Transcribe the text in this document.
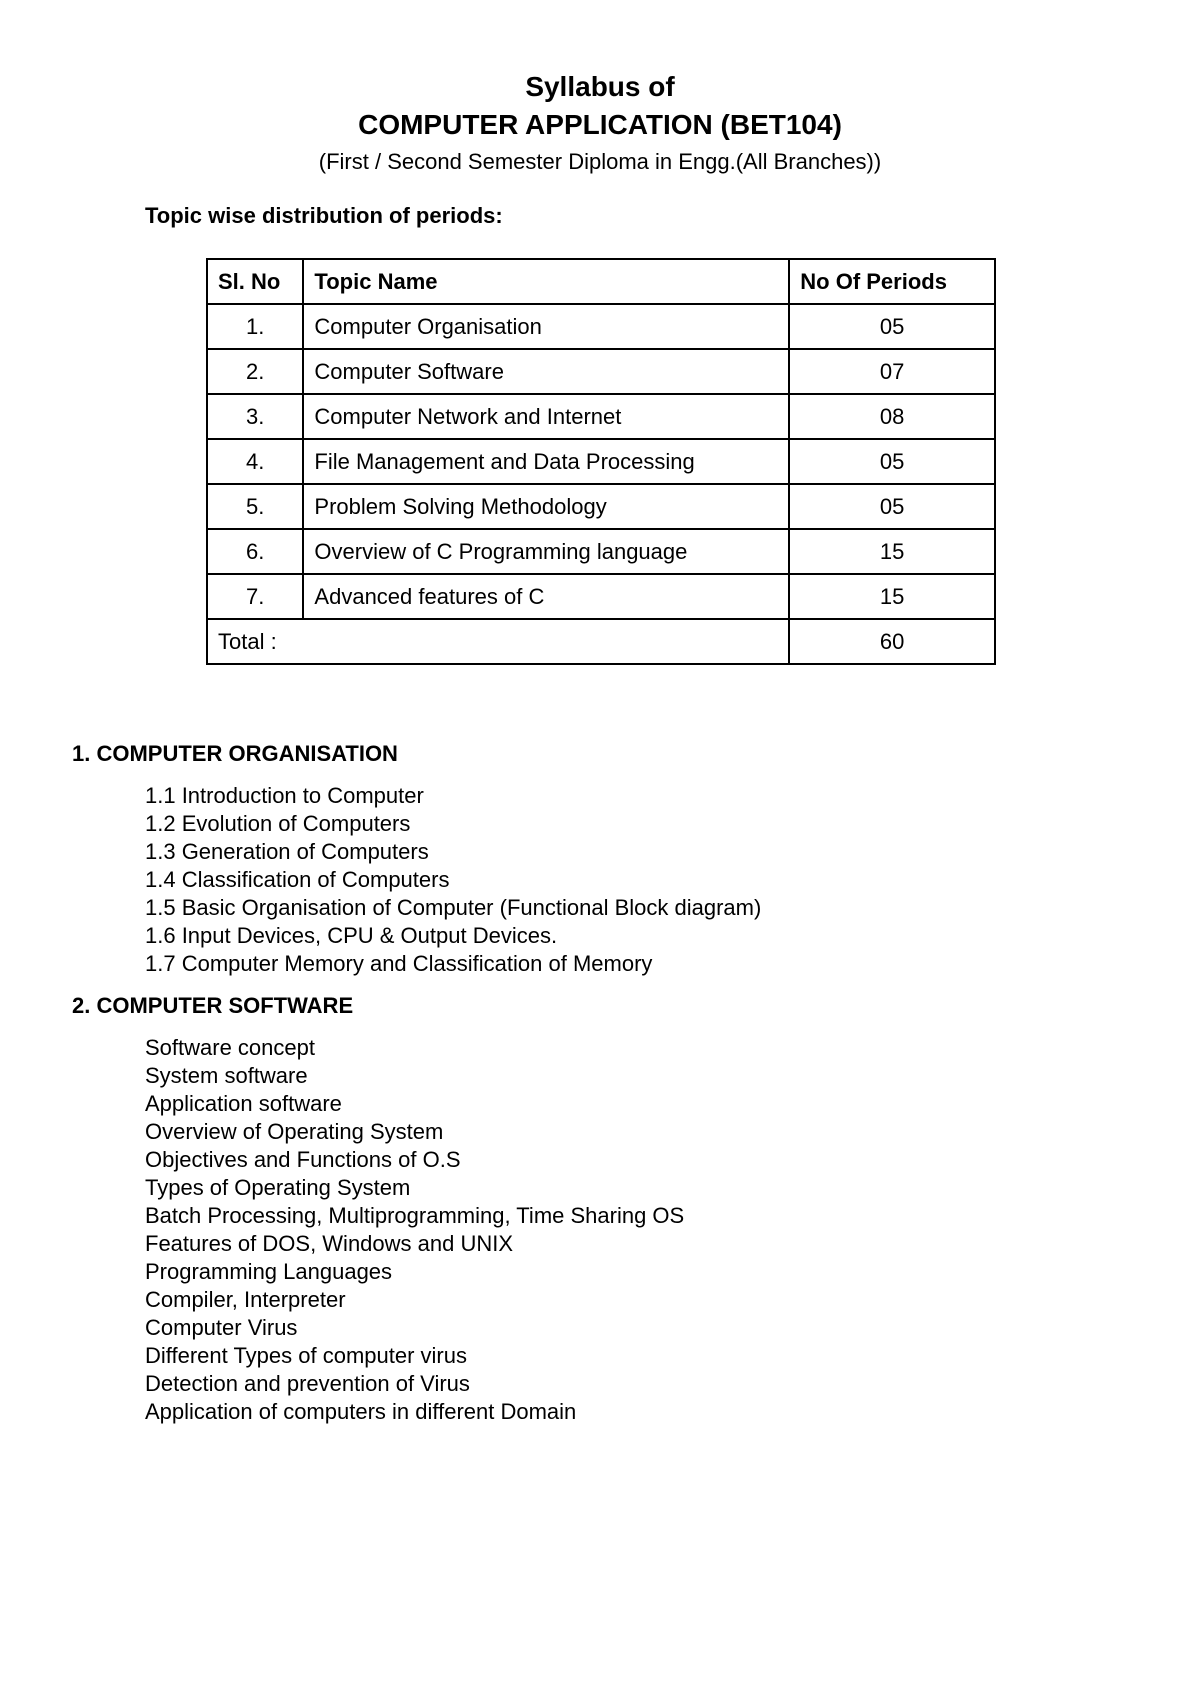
Syllabus of
COMPUTER APPLICATION (BET104)
(First / Second Semester Diploma in Engg.(All Branches))
Topic wise distribution of periods:
Sl. No	Topic Name	No Of Periods
1.	Computer Organisation	05
2.	Computer Software	07
3.	Computer Network and Internet	08
4.	File Management and Data Processing	05
5.	Problem Solving Methodology	05
6.	Overview of C Programming language	15
7.	Advanced features of C	15
Total :		60
1. COMPUTER ORGANISATION
1.1 Introduction to Computer
1.2 Evolution of Computers
1.3 Generation of Computers
1.4 Classification of Computers
1.5 Basic Organisation of Computer (Functional Block diagram)
1.6 Input Devices, CPU & Output Devices.
1.7 Computer Memory and Classification of Memory
2. COMPUTER SOFTWARE
Software concept
System software
Application software
Overview of Operating System
Objectives and Functions of O.S
Types of Operating System
Batch Processing, Multiprogramming, Time Sharing OS
Features of DOS, Windows and UNIX
Programming Languages
Compiler, Interpreter
Computer Virus
Different Types of computer virus
Detection and prevention of Virus
Application of computers in different Domain
